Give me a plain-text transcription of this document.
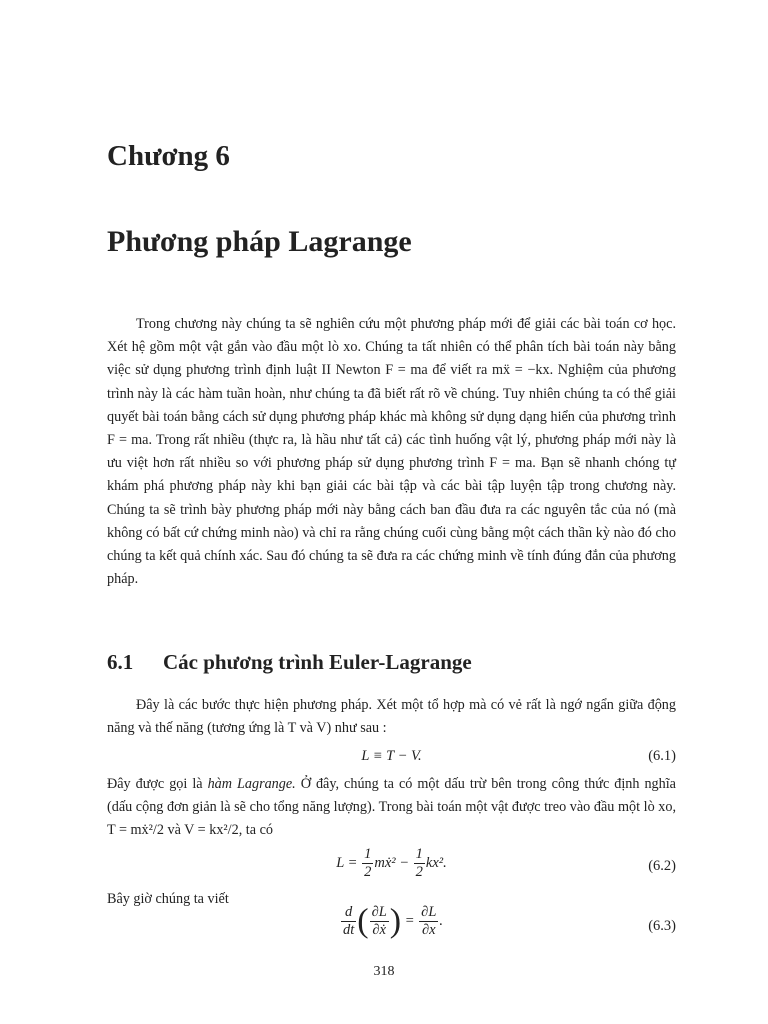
Chương 6
Phương pháp Lagrange

Trong chương này chúng ta sẽ nghiên cứu một phương pháp mới để giải các bài toán cơ học. Xét hệ gồm một vật gắn vào đầu một lò xo. Chúng ta tất nhiên có thể phân tích bài toán này bằng việc sử dụng phương trình định luật II Newton F = ma để viết ra mẍ = −kx. Nghiệm của phương trình này là các hàm tuần hoàn, như chúng ta đã biết rất rõ về chúng. Tuy nhiên chúng ta có thể giải quyết bài toán bằng cách sử dụng phương pháp khác mà không sử dụng dạng hiển của phương trình F = ma. Trong rất nhiều (thực ra, là hầu như tất cả) các tình huống vật lý, phương pháp mới này là ưu việt hơn rất nhiều so với phương pháp sử dụng phương trình F = ma. Bạn sẽ nhanh chóng tự khám phá phương pháp này khi bạn giải các bài tập và các bài tập luyện tập trong chương này. Chúng ta sẽ trình bày phương pháp mới này bằng cách ban đầu đưa ra các nguyên tắc của nó (mà không có bất cứ chứng minh nào) và chỉ ra rằng chúng cuối cùng bằng một cách thần kỳ nào đó cho chúng ta kết quả chính xác. Sau đó chúng ta sẽ đưa ra các chứng minh về tính đúng đắn của phương pháp.

6.1 Các phương trình Euler-Lagrange

Đây là các bước thực hiện phương pháp. Xét một tổ hợp mà có vẻ rất là ngớ ngẩn giữa động năng và thế năng (tương ứng là T và V) như sau :

L ≡ T − V.	(6.1)

Đây được gọi là hàm Lagrange. Ở đây, chúng ta có một dấu trừ bên trong công thức định nghĩa (dấu cộng đơn giản là sẽ cho tổng năng lượng). Trong bài toán một vật được treo vào đầu một lò xo, T = mẋ²/2 và V = kx²/2, ta có

$L = \frac{1}{2}$ mẋ² − $\frac{1}{2} kx^2$.	(6.2)

Bây giờ chúng ta viết

$\frac{d}{dt}$ ( $\frac{\partial L}{\text{∂ẋ}}$ ) = $\frac{\partial L}{\partial x}$ .	(6.3)
318
